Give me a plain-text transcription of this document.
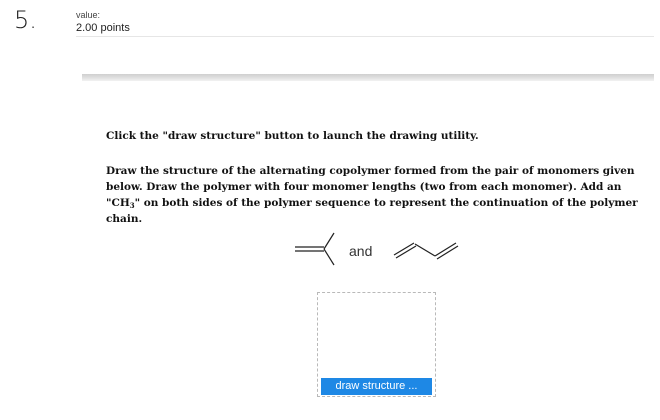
5.	value:
2.00 points
Click the "draw structure" button to launch the drawing utility.
Draw the structure of the alternating copolymer formed from the pair of monomers given below. Draw the polymer with four monomer lengths (two from each monomer). Add an "$CH_3$" on both sides of the polymer sequence to represent the continuation of the polymer chain.
and
draw structure ...
